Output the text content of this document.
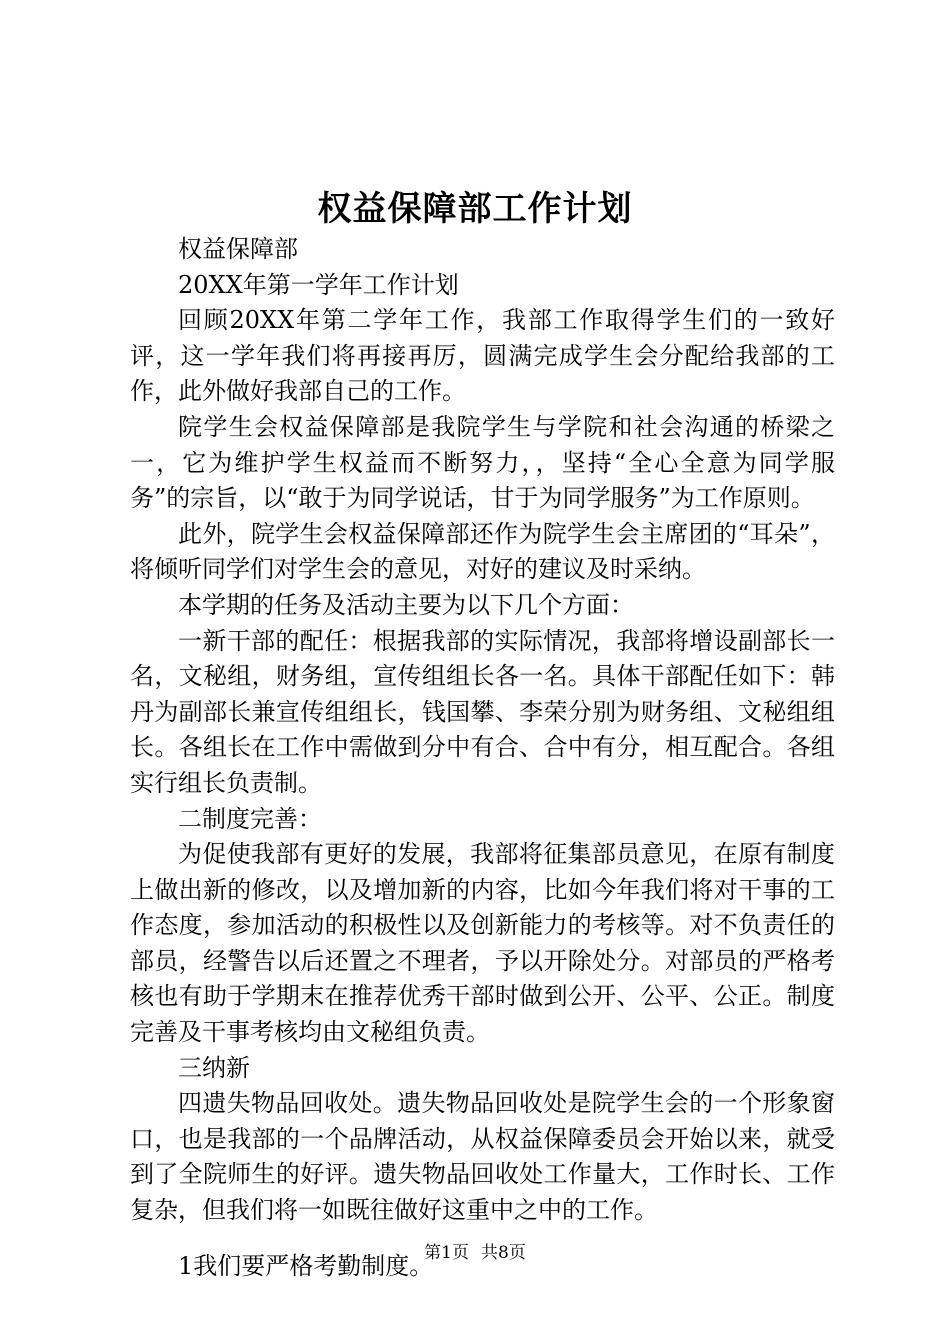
权益保障部工作计划

权益保障部

20XX年第一学年工作计划

回顾20XX年第二学年工作，我部工作取得学生们的一致好评，这一学年我们将再接再厉，圆满完成学生会分配给我部的工作，此外做好我部自己的工作。

院学生会权益保障部是我院学生与学院和社会沟通的桥梁之一，它为维护学生权益而不断努力，，坚持“全心全意为同学服务”的宗旨，以“敢于为同学说话，甘于为同学服务”为工作原则。

此外，院学生会权益保障部还作为院学生会主席团的“耳朵”，将倾听同学们对学生会的意见，对好的建议及时采纳。

本学期的任务及活动主要为以下几个方面：

一新干部的配任：根据我部的实际情况，我部将增设副部长一名，文秘组，财务组，宣传组组长各一名。具体干部配任如下：韩丹为副部长兼宣传组组长，钱国攀、李荣分别为财务组、文秘组组长。各组长在工作中需做到分中有合、合中有分，相互配合。各组实行组长负责制。

二制度完善：

为促使我部有更好的发展，我部将征集部员意见，在原有制度上做出新的修改，以及增加新的内容，比如今年我们将对干事的工作态度，参加活动的积极性以及创新能力的考核等。对不负责任的部员，经警告以后还置之不理者，予以开除处分。对部员的严格考核也有助于学期末在推荐优秀干部时做到公开、公平、公正。制度完善及干事考核均由文秘组负责。

三纳新

四遗失物品回收处。遗失物品回收处是院学生会的一个形象窗口，也是我部的一个品牌活动，从权益保障委员会开始以来，就受到了全院师生的好评。遗失物品回收处工作量大，工作时长、工作复杂，但我们将一如既往做好这重中之中的工作。

1我们要严格考勤制度。

第1页 共8页
